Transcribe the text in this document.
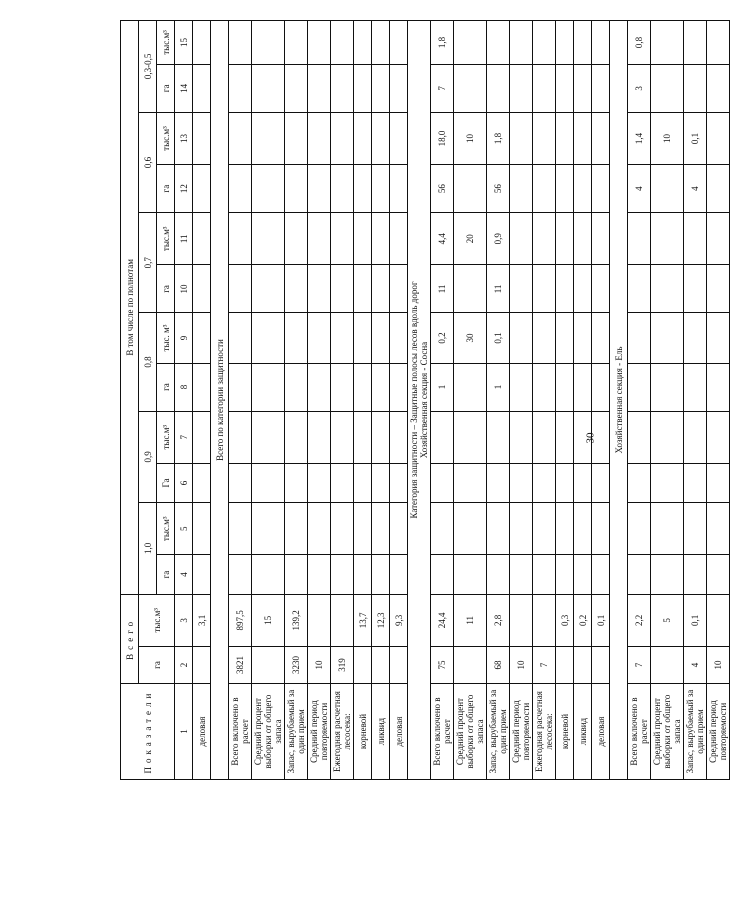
Показатели	Всего		В том числе по полнотам											
	га	тыс.м³	1,0		0,9		0,8		0,7		0,6		0,3-0,5	
			га	тыс.м³	Га	тыс.м³	га	тыс. м³	га	тыс.м³	га	тыс.м³	га	тыс.м³
1	2	3	4	5	6	7	8	9	10	11	12	13	14	15
деловая		3,1												

Всего по категории защитности														

Всего включено в расчет	3821	897,5												
Средний процент выборки от общего запаса		15												
Запас, вырубаемый за один прием	3230	139,2												
Средний период повторяемости	10													
Ежегодная расчетная лесосека:	319													
корневой		13,7												
ликвид		12,3												
деловая		9,3												

Категория защитности – Защитные полосы лесов вдоль дорог Хозяйственная секция - Сосна														

Всего включено в расчет	75	24,4					1	0,2	11	4,4	56	18,0	7	1,8
Средний процент выборки от общего запаса		11						30		20		10		
Запас, вырубаемый за один прием	68	2,8					1	0,1	11	0,9	56	1,8		
Средний период повторяемости	10													
Ежегодная расчетная лесосека:	7													
корневой		0,3												
ликвид		0,2												
деловая		0,1												

Хозяйственная секция - Ель														

Всего включено в расчет	7	2,2									4	1,4	3	0,8
Средний процент выборки от общего запаса		5										10		
Запас, вырубаемый за один прием	4	0,1									4	0,1		
Средний период повторяемости	10													
30
